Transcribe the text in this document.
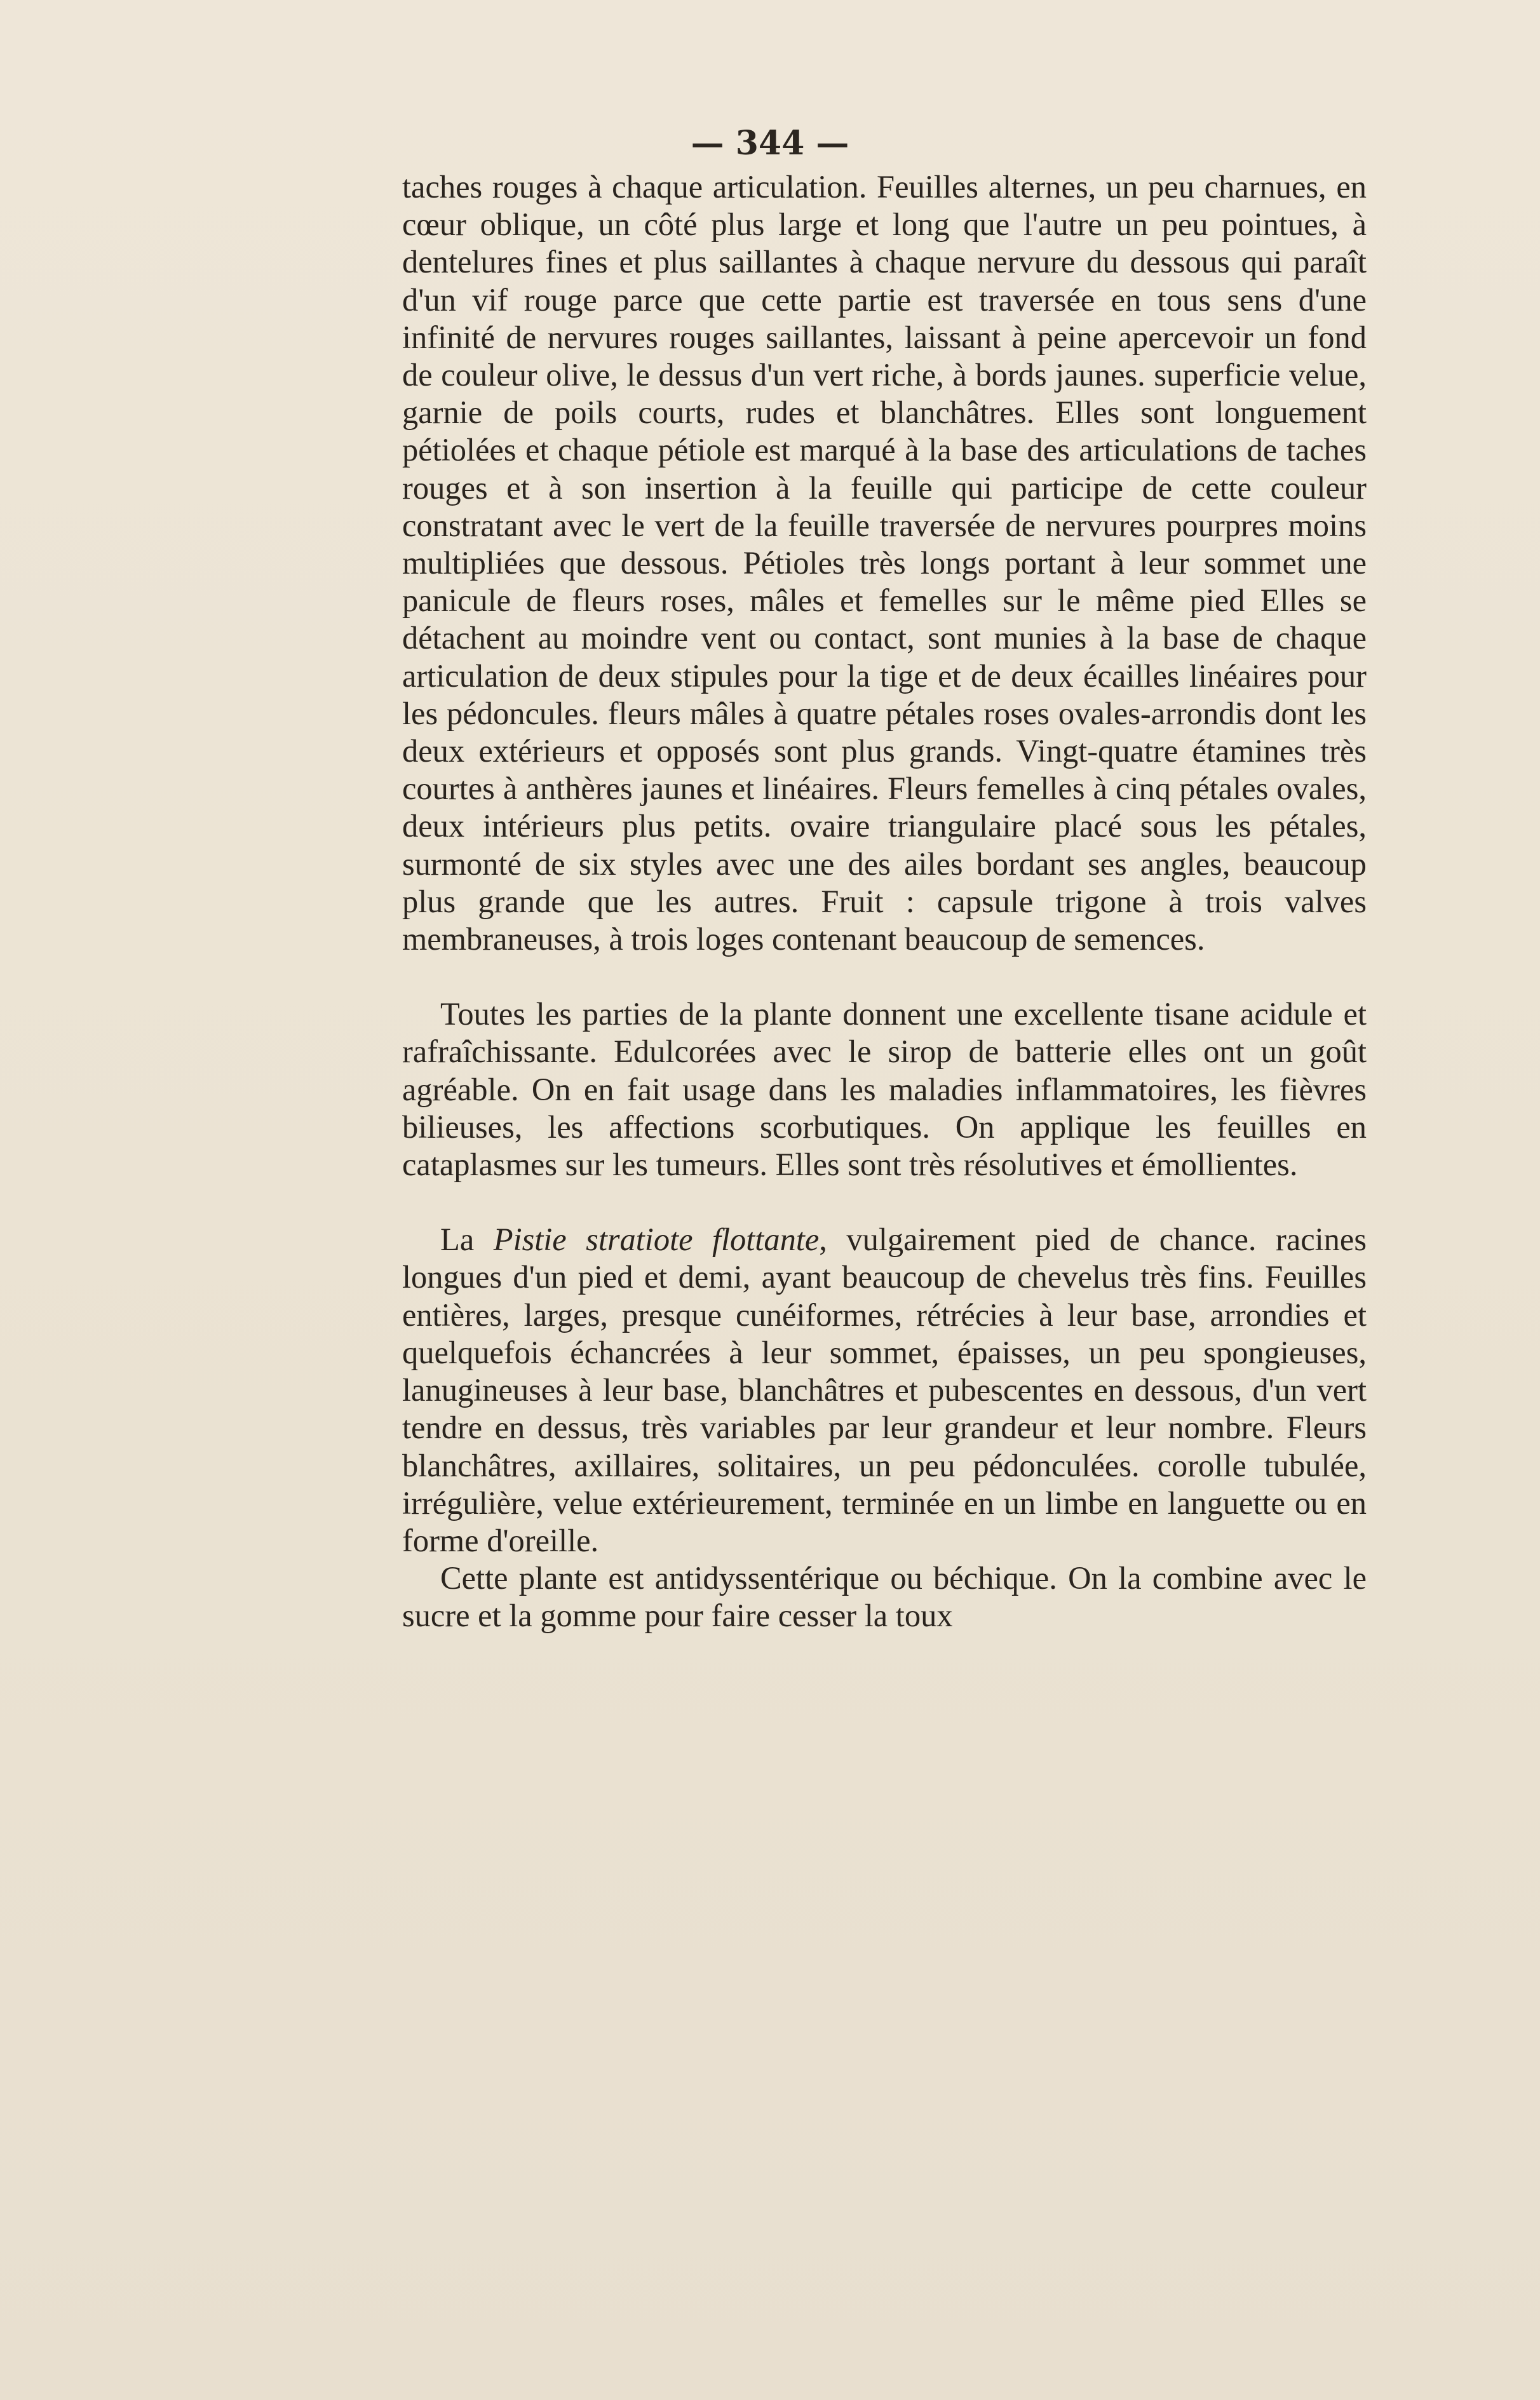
— 344 —

taches rouges à chaque articulation. Feuilles alternes, un peu charnues, en cœur oblique, un côté plus large et long que l'autre un peu pointues, à dentelures fines et plus saillantes à chaque nervure du dessous qui paraît d'un vif rouge parce que cette partie est traversée en tous sens d'une infinité de nervures rouges saillantes, laissant à peine apercevoir un fond de couleur olive, le dessus d'un vert riche, à bords jaunes. superficie velue, garnie de poils courts, rudes et blanchâtres. Elles sont longuement pétiolées et chaque pétiole est marqué à la base des articulations de taches rouges et à son insertion à la feuille qui participe de cette couleur constratant avec le vert de la feuille traversée de nervures pourpres moins multipliées que dessous. Pétioles très longs portant à leur sommet une panicule de fleurs roses, mâles et femelles sur le même pied Elles se détachent au moindre vent ou contact, sont munies à la base de chaque articulation de deux stipules pour la tige et de deux écailles linéaires pour les pédoncules. fleurs mâles à quatre pétales roses ovales-arrondis dont les deux extérieurs et opposés sont plus grands. Vingt-quatre étamines très courtes à anthères jaunes et linéaires. Fleurs femelles à cinq pétales ovales, deux intérieurs plus petits. ovaire triangulaire placé sous les pétales, surmonté de six styles avec une des ailes bordant ses angles, beaucoup plus grande que les autres. Fruit : capsule trigone à trois valves membraneuses, à trois loges contenant beaucoup de semences.

Toutes les parties de la plante donnent une excellente tisane acidule et rafraîchissante. Edulcorées avec le sirop de batterie elles ont un goût agréable. On en fait usage dans les maladies inflammatoires, les fièvres bilieuses, les affections scorbutiques. On applique les feuilles en cataplasmes sur les tumeurs. Elles sont très résolutives et émollientes.

La Pistie stratiote flottante, vulgairement pied de chance. racines longues d'un pied et demi, ayant beaucoup de chevelus très fins. Feuilles entières, larges, presque cunéiformes, rétrécies à leur base, arrondies et quelquefois échancrées à leur sommet, épaisses, un peu spongieuses, lanugineuses à leur base, blanchâtres et pubescentes en dessous, d'un vert tendre en dessus, très variables par leur grandeur et leur nombre. Fleurs blanchâtres, axillaires, solitaires, un peu pédonculées. corolle tubulée, irrégulière, velue extérieurement, terminée en un limbe en languette ou en forme d'oreille.

Cette plante est antidyssentérique ou béchique. On la combine avec le sucre et la gomme pour faire cesser la toux
